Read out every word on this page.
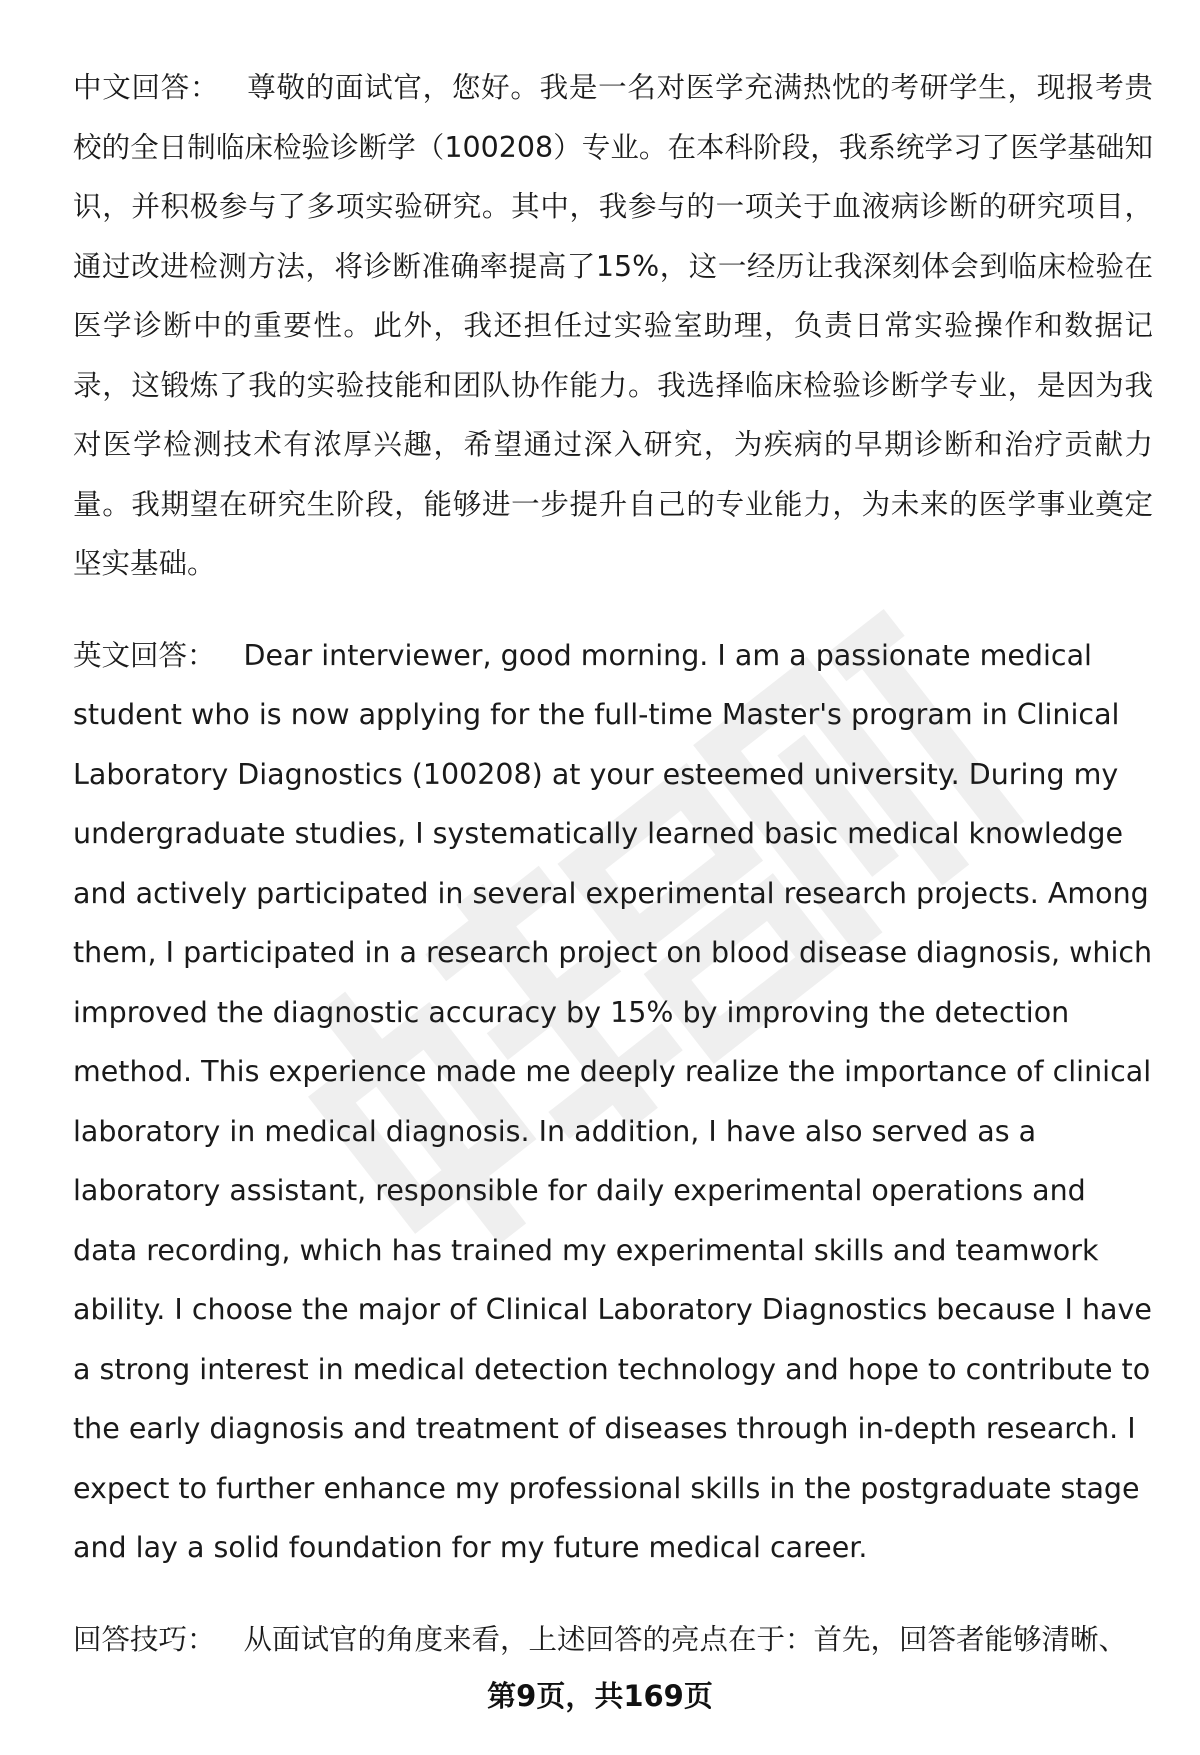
中文回答： 尊敬的面试官，您好。我是一名对医学充满热忱的考研学生，现报考贵校的全日制临床检验诊断学（100208）专业。在本科阶段，我系统学习了医学基础知识，并积极参与了多项实验研究。其中，我参与的一项关于血液病诊断的研究项目，通过改进检测方法，将诊断准确率提高了15%，这一经历让我深刻体会到临床检验在医学诊断中的重要性。此外，我还担任过实验室助理，负责日常实验操作和数据记录，这锻炼了我的实验技能和团队协作能力。我选择临床检验诊断学专业，是因为我对医学检测技术有浓厚兴趣，希望通过深入研究，为疾病的早期诊断和治疗贡献力量。我期望在研究生阶段，能够进一步提升自己的专业能力，为未来的医学事业奠定坚实基础。

英文回答： Dear interviewer, good morning. I am a passionate medical student who is now applying for the full-time Master's program in Clinical Laboratory Diagnostics (100208) at your esteemed university. During my undergraduate studies, I systematically learned basic medical knowledge and actively participated in several experimental research projects. Among them, I participated in a research project on blood disease diagnosis, which improved the diagnostic accuracy by 15% by improving the detection method. This experience made me deeply realize the importance of clinical laboratory in medical diagnosis. In addition, I have also served as a laboratory assistant, responsible for daily experimental operations and data recording, which has trained my experimental skills and teamwork ability. I choose the major of Clinical Laboratory Diagnostics because I have a strong interest in medical detection technology and hope to contribute to the early diagnosis and treatment of diseases through in-depth research. I expect to further enhance my professional skills in the postgraduate stage and lay a solid foundation for my future medical career.

回答技巧： 从面试官的角度来看，上述回答的亮点在于：首先，回答者能够清晰、

第9页，共169页
